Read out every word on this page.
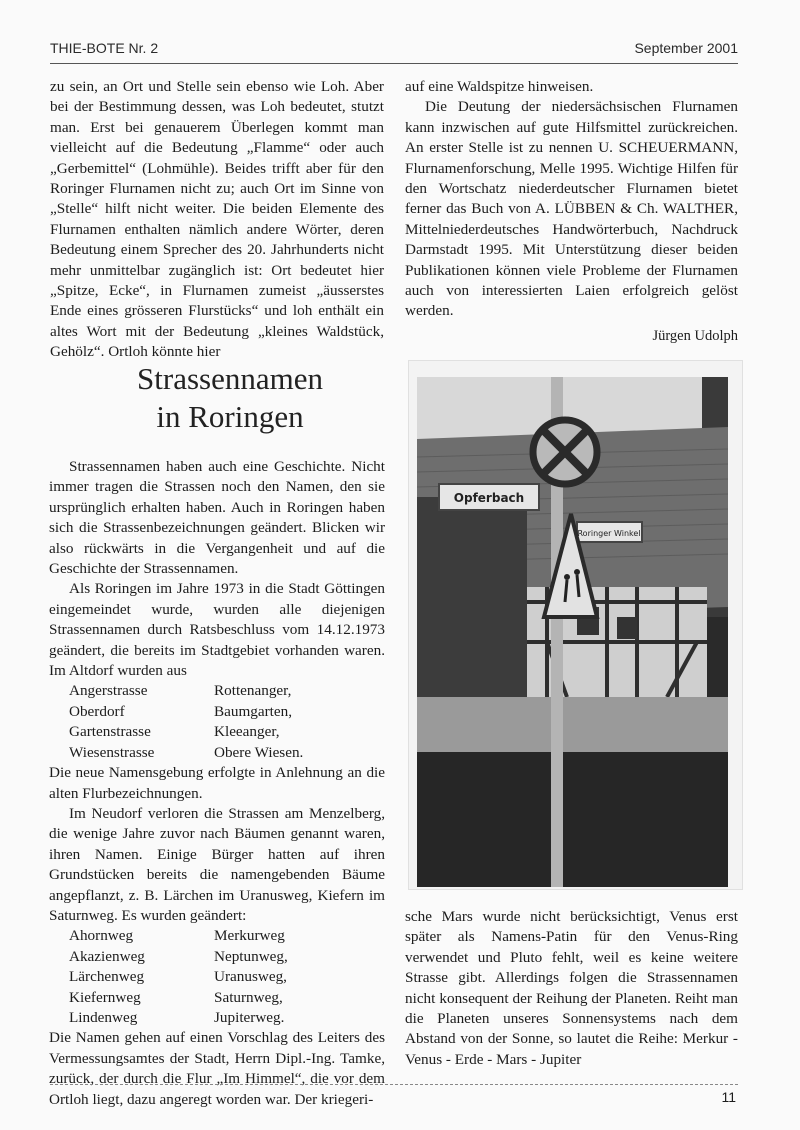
THIE-BOTE Nr. 2	September 2001

zu sein, an Ort und Stelle sein ebenso wie Loh. Aber bei der Bestimmung dessen, was Loh bedeutet, stutzt man. Erst bei genauerem Überlegen kommt man vielleicht auf die Bedeutung „Flamme“ oder auch „Gerbemittel“ (Lohmühle). Beides trifft aber für den Roringer Flurnamen nicht zu; auch Ort im Sinne von „Stelle“ hilft nicht weiter. Die beiden Elemente des Flurnamen enthalten nämlich andere Wörter, deren Bedeutung einem Sprecher des 20. Jahrhunderts nicht mehr unmittelbar zugänglich ist: Ort bedeutet hier „Spitze, Ecke“, in Flurnamen zumeist „äusserstes Ende eines grösseren Flurstücks“ und loh enthält ein altes Wort mit der Bedeutung „kleines Waldstück, Gehölz“. Ortloh könnte hier

auf eine Waldspitze hinweisen.

Die Deutung der niedersächsischen Flurnamen kann inzwischen auf gute Hilfsmittel zurückreichen. An erster Stelle ist zu nennen U. SCHEUERMANN, Flurnamenforschung, Melle 1995. Wichtige Hilfen für den Wortschatz niederdeutscher Flurnamen bietet ferner das Buch von A. LÜBBEN & Ch. WALTHER, Mittelniederdeutsches Handwörterbuch, Nachdruck Darmstadt 1995. Mit Unterstützung dieser beiden Publikationen können viele Probleme der Flurnamen auch von interessierten Laien erfolgreich gelöst werden.

Jürgen Udolph

Strassennamen
in Roringen

Strassennamen haben auch eine Geschichte. Nicht immer tragen die Strassen noch den Namen, den sie ursprünglich erhalten haben. Auch in Roringen haben sich die Strassenbezeichnungen geändert. Blicken wir also rückwärts in die Vergangenheit und auf die Geschichte der Strassennamen.

Als Roringen im Jahre 1973 in die Stadt Göttingen eingemeindet wurde, wurden alle diejenigen Strassennamen durch Ratsbeschluss vom 14.12.1973 geändert, die bereits im Stadtgebiet vorhanden waren. Im Altdorf wurden aus

Angerstrasse	Rottenanger,
Oberdorf	Baumgarten,
Gartenstrasse	Kleeanger,
Wiesenstrasse	Obere Wiesen.

Die neue Namensgebung erfolgte in Anlehnung an die alten Flurbezeichnungen.

Im Neudorf verloren die Strassen am Menzelberg, die wenige Jahre zuvor nach Bäumen genannt waren, ihren Namen. Einige Bürger hatten auf ihren Grundstücken bereits die namengebenden Bäume angepflanzt, z. B. Lärchen im Uranusweg, Kiefern im Saturnweg. Es wurden geändert:

Ahornweg	Merkurweg
Akazienweg	Neptunweg,
Lärchenweg	Uranusweg,
Kiefernweg	Saturnweg,
Lindenweg	Jupiterweg.

Die Namen gehen auf einen Vorschlag des Leiters des Vermessungsamtes der Stadt, Herrn Dipl.-Ing. Tamke, zurück, der durch die Flur „Im Himmel“, die vor dem Ortloh liegt, dazu angeregt worden war. Der kriegeri-

Opferbach
Roringer Winkel

sche Mars wurde nicht berücksichtigt, Venus erst später als Namens-Patin für den Venus-Ring verwendet und Pluto fehlt, weil es keine weitere Strasse gibt. Allerdings folgen die Strassennamen nicht konsequent der Reihung der Planeten. Reiht man die Planeten unseres Sonnensystems nach dem Abstand von der Sonne, so lautet die Reihe: Merkur - Venus - Erde - Mars - Jupiter

11
